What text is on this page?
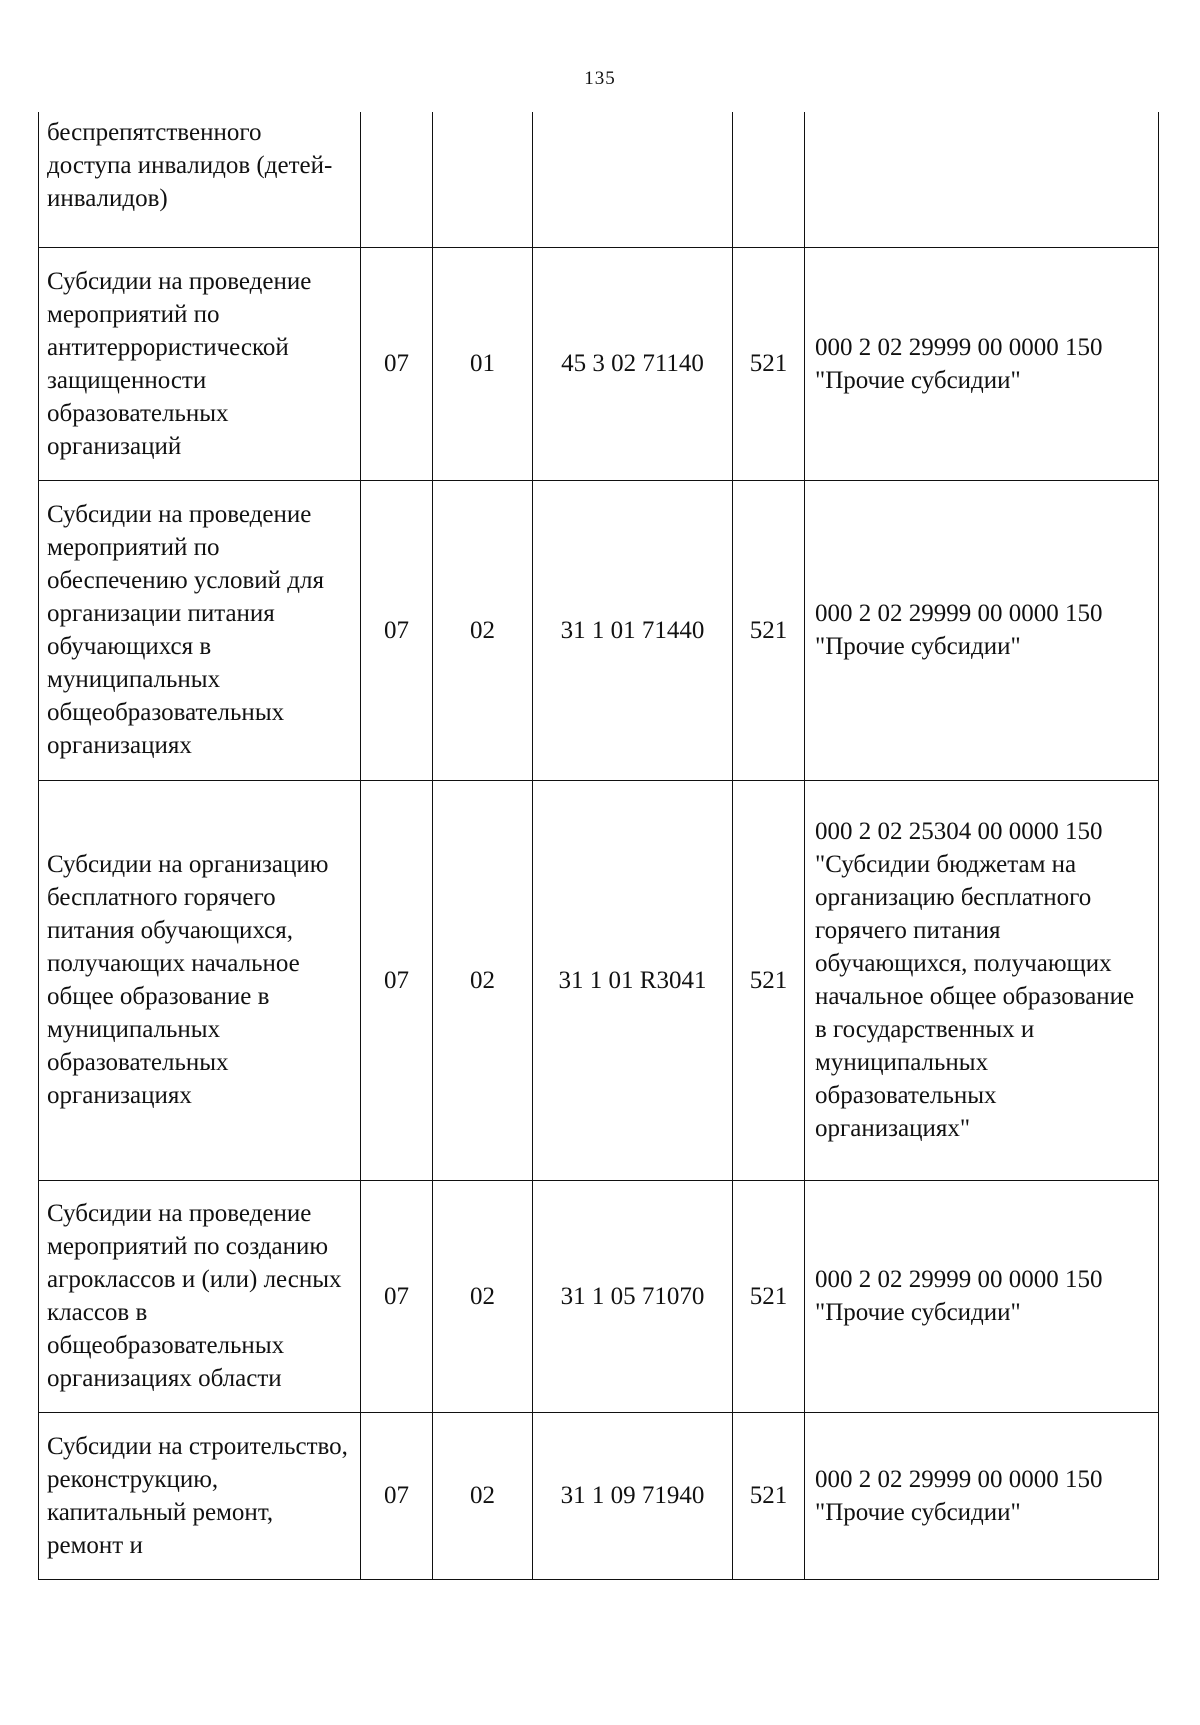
135
беспрепятственного доступа инвалидов (детей-инвалидов)					

Субсидии на проведение мероприятий по антитеррористической защищенности образовательных организаций	07	01	45 3 02 71140	521	000 2 02 29999 00 0000 150 "Прочие субсидии"

Субсидии на проведение мероприятий по обеспечению условий для организации питания обучающихся в муниципальных общеобразовательных организациях	07	02	31 1 01 71440	521	000 2 02 29999 00 0000 150 "Прочие субсидии"

Субсидии на организацию бесплатного горячего питания обучающихся, получающих начальное общее образование в муниципальных образовательных организациях	07	02	31 1 01 R3041	521	000 2 02 25304 00 0000 150 "Субсидии бюджетам на организацию бесплатного горячего питания обучающихся, получающих начальное общее образование в государственных и муниципальных образовательных организациях"

Субсидии на проведение мероприятий по созданию агроклассов и (или) лесных классов в общеобразовательных организациях области	07	02	31 1 05 71070	521	000 2 02 29999 00 0000 150 "Прочие субсидии"

Субсидии на строительство, реконструкцию, капитальный ремонт, ремонт и	07	02	31 1 09 71940	521	000 2 02 29999 00 0000 150 "Прочие субсидии"
